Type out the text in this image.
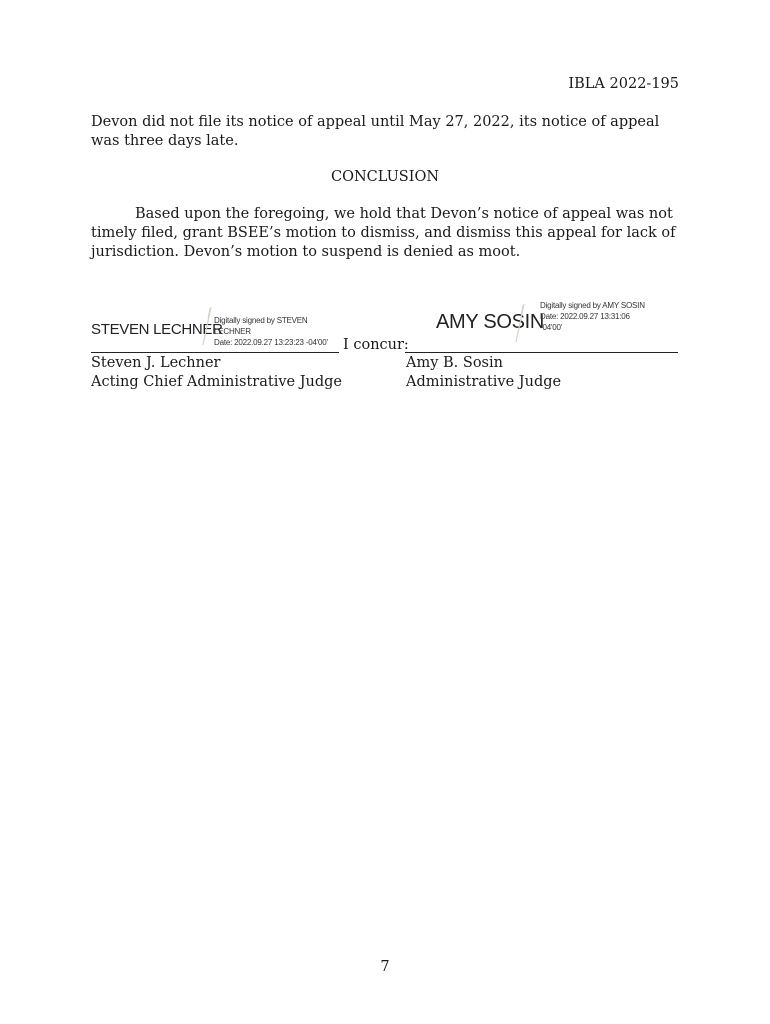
IBLA 2022-195

Devon did not file its notice of appeal until May 27, 2022, its notice of appeal was three days late.

CONCLUSION

Based upon the foregoing, we hold that Devon’s notice of appeal was not timely filed, grant BSEE’s motion to dismiss, and dismiss this appeal for lack of jurisdiction. Devon’s motion to suspend is denied as moot.

STEVEN LECHNER
Digitally signed by STEVEN LECHNER
Date: 2022.09.27 13:23:23 -04'00'
Steven J. Lechner
Acting Chief Administrative Judge
I concur:
AMY SOSIN
Digitally signed by AMY SOSIN
Date: 2022.09.27 13:31:06 -04'00'
Amy B. Sosin
Administrative Judge
7
